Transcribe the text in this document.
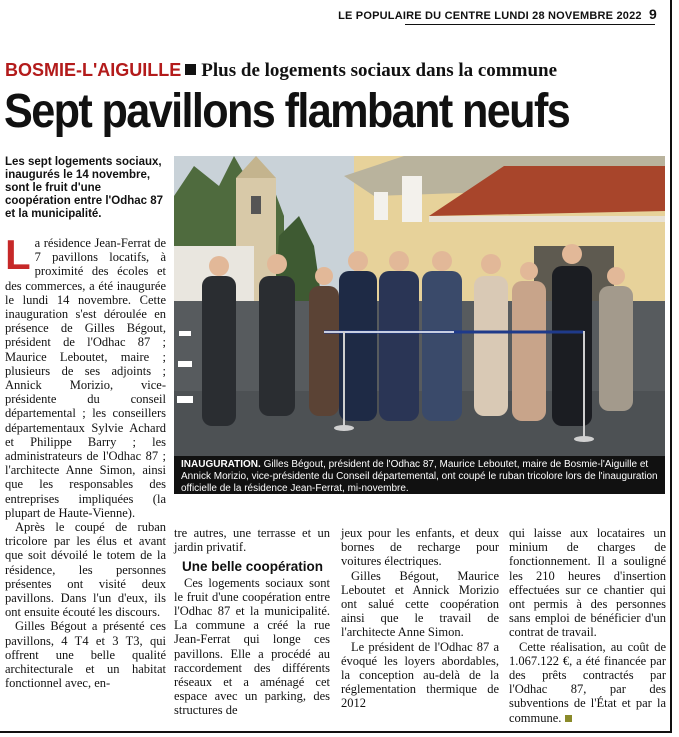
LE POPULAIRE DU CENTRE LUNDI 28 NOVEMBRE 2022 9
BOSMIE-L'AIGUILLE Plus de logements sociaux dans la commune
Sept pavillons flambant neufs
Les sept logements sociaux, inaugurés le 14 novembre, sont le fruit d'une coopération entre l'Odhac 87 et la municipalité.
INAUGURATION. Gilles Bégout, président de l'Odhac 87, Maurice Leboutet, maire de Bosmie-l'Aiguille et Annick Morizio, vice-présidente du Conseil départemental, ont coupé le ruban tricolore lors de l'inauguration officielle de la résidence Jean-Ferrat, mi-novembre.

La résidence Jean-Ferrat de 7 pavillons locatifs, à proximité des écoles et des commerces, a été inaugurée le lundi 14 novembre. Cette inauguration s'est déroulée en présence de Gilles Bégout, président de l'Odhac 87 ; Maurice Leboutet, maire ; plusieurs de ses adjoints ; Annick Morizio, vice-présidente du conseil départemental ; les conseillers départementaux Sylvie Achard et Philippe Barry ; les administrateurs de l'Odhac 87 ; l'architecte Anne Simon, ainsi que les responsables des entreprises impliquées (la plupart de Haute-Vienne).

Après le coupé de ruban tricolore par les élus et avant que soit dévoilé le totem de la résidence, les personnes présentes ont visité deux pavillons. Dans l'un d'eux, ils ont ensuite écouté les discours.

Gilles Bégout a présenté ces pavillons, 4 T4 et 3 T3, qui offrent une belle qualité architecturale et un habitat fonctionnel avec, en-

tre autres, une terrasse et un jardin privatif.

Une belle coopération

Ces logements sociaux sont le fruit d'une coopération entre l'Odhac 87 et la municipalité. La commune a créé la rue Jean-Ferrat qui longe ces pavillons. Elle a procédé au raccordement des différents réseaux et a aménagé cet espace avec un parking, des structures de

jeux pour les enfants, et deux bornes de recharge pour voitures électriques.

Gilles Bégout, Maurice Leboutet et Annick Morizio ont salué cette coopération ainsi que le travail de l'architecte Anne Simon.

Le président de l'Odhac 87 a évoqué les loyers abordables, la conception au-delà de la réglementation thermique de 2012

qui laisse aux locataires un minium de charges de fonctionnement. Il a souligné les 210 heures d'insertion effectuées sur ce chantier qui ont permis à des personnes sans emploi de bénéficier d'un contrat de travail.

Cette réalisation, au coût de 1.067.122 €, a été financée par des prêts contractés par l'Odhac 87, par des subventions de l'État et par la commune.
